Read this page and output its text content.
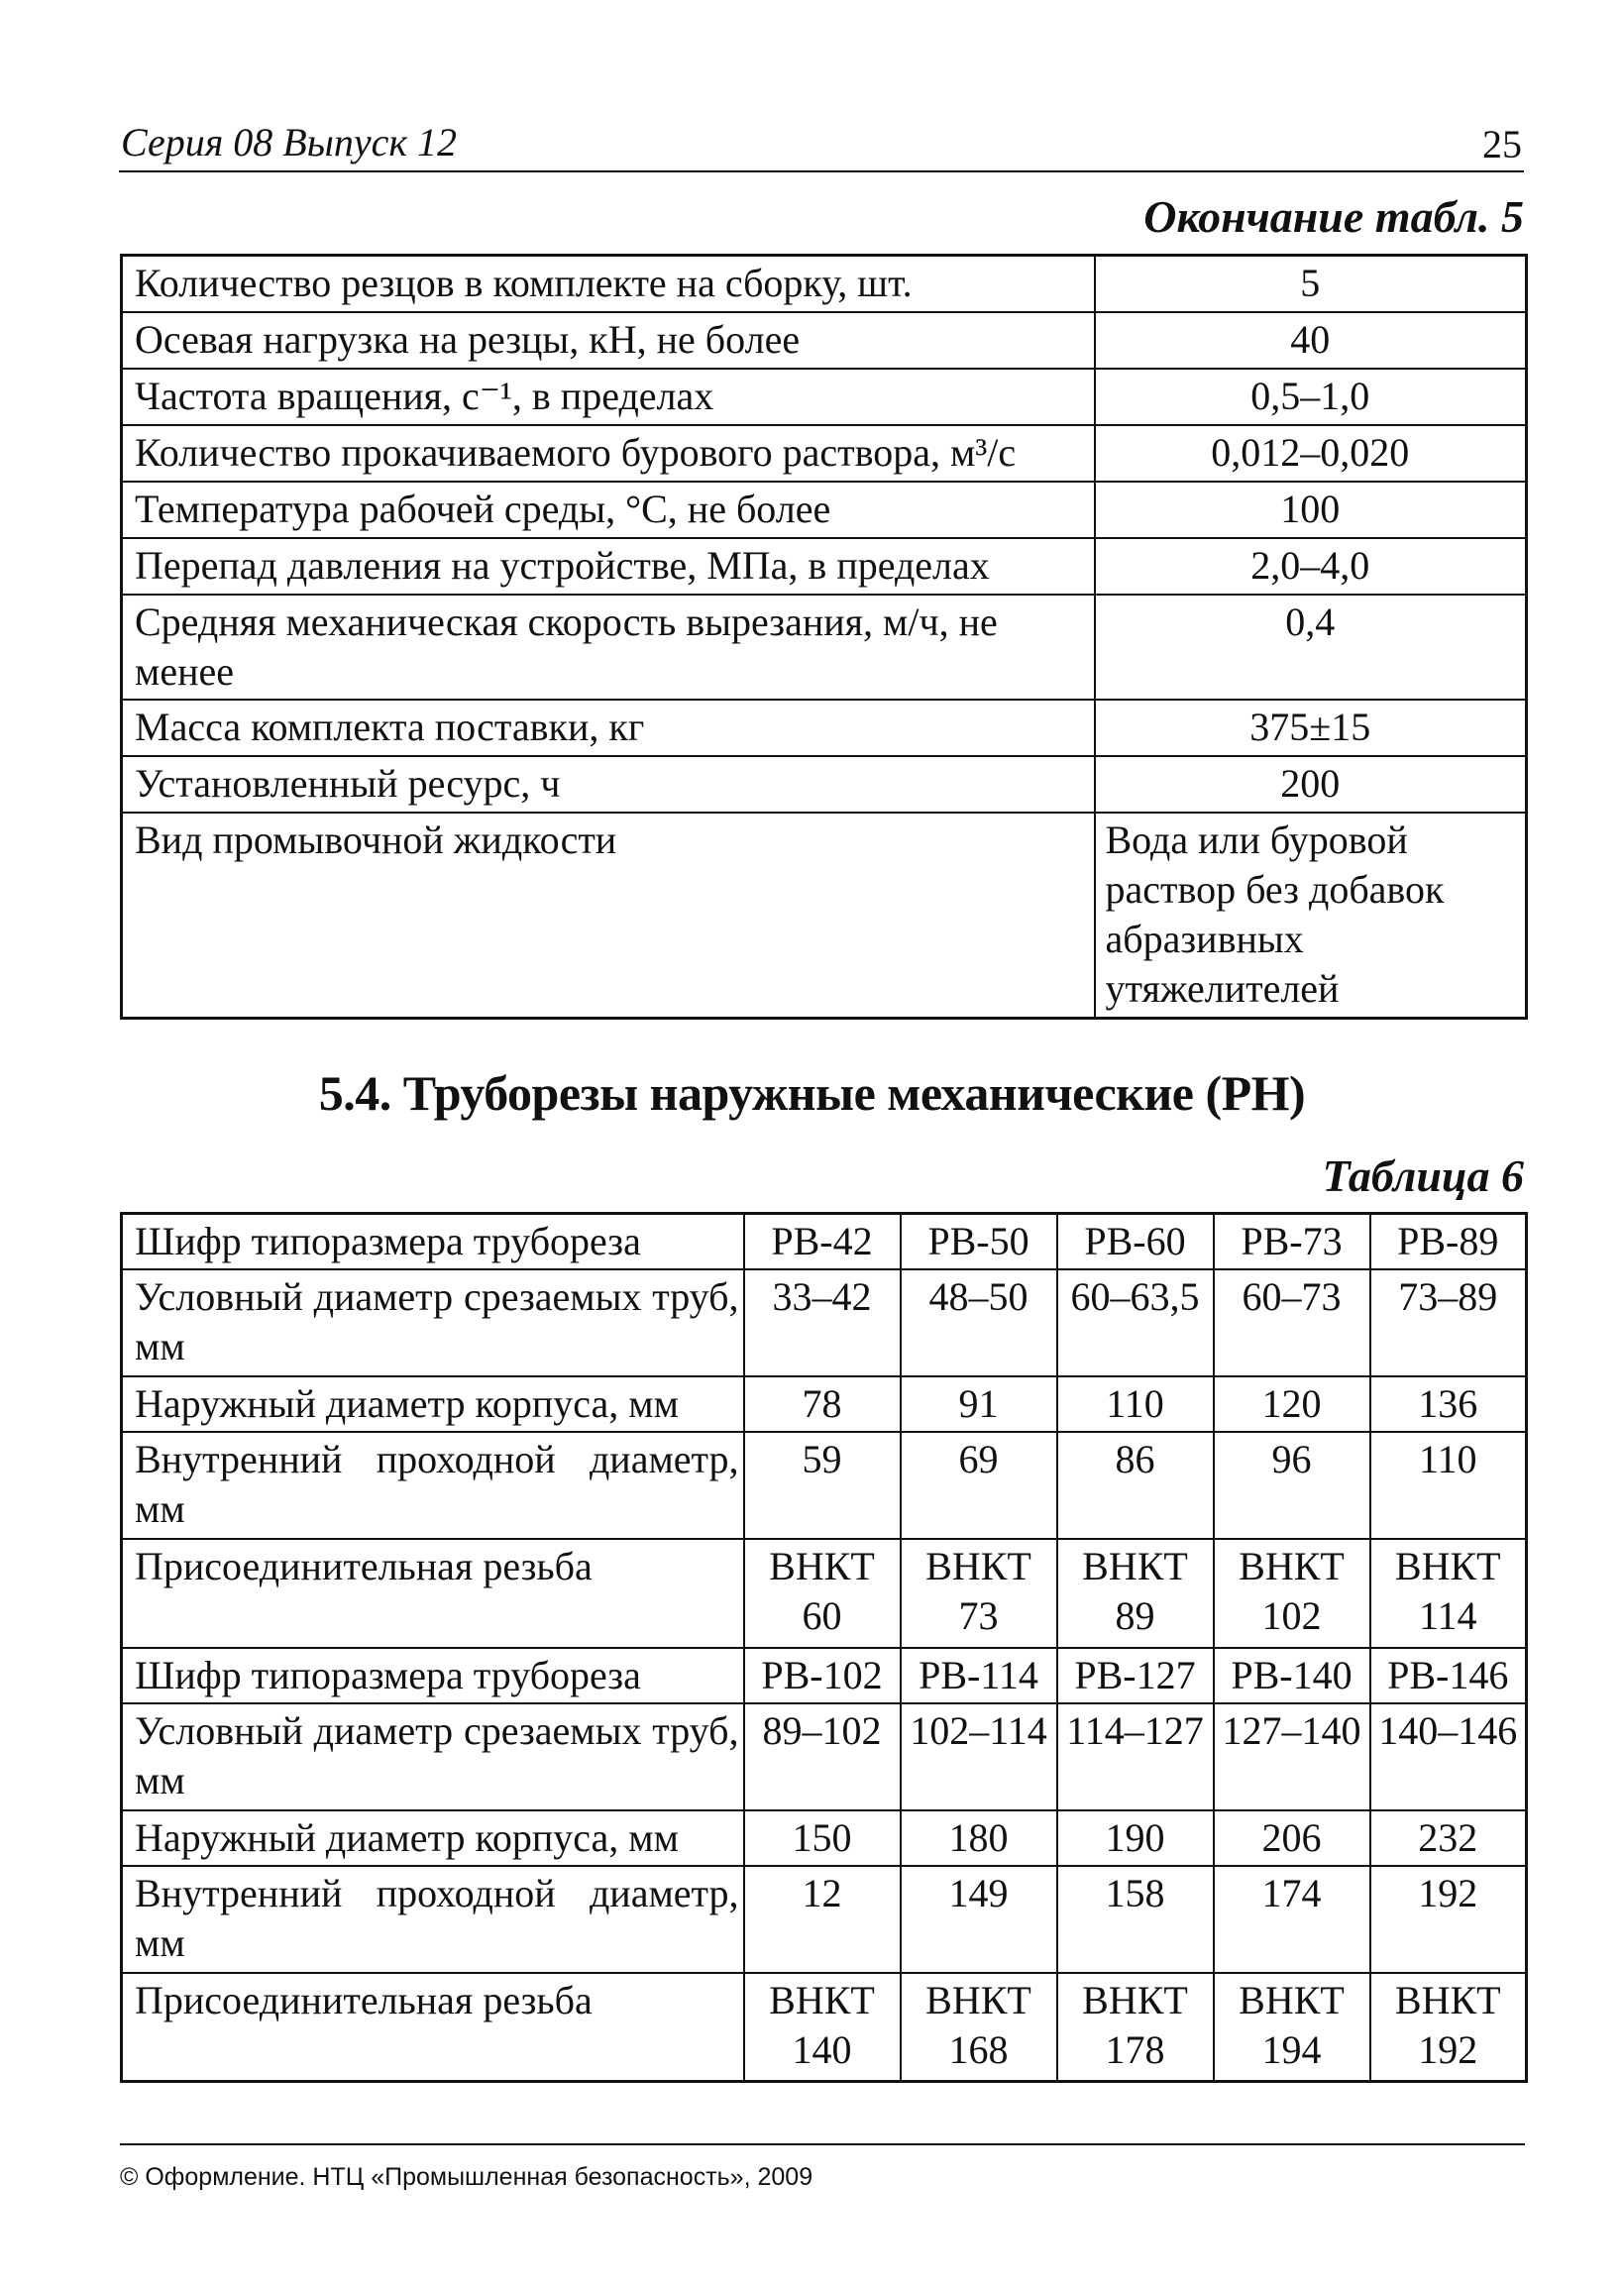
Серия 08 Выпуск 12	25
Окончание табл. 5
Количество резцов в комплекте на сборку, шт.	5
Осевая нагрузка на резцы, кН, не более	40
Частота вращения, с⁻¹, в пределах	0,5–1,0
Количество прокачиваемого бурового раствора, м³/с	0,012–0,020
Температура рабочей среды, °С, не более	100
Перепад давления на устройстве, МПа, в пределах	2,0–4,0
Средняя механическая скорость вырезания, м/ч, не менее	0,4
Масса комплекта поставки, кг	375±15
Установленный ресурс, ч	200
Вид промывочной жидкости	Вода или буровой раствор без добавок абразивных утяжелителей
5.4. Труборезы наружные механические (РН)
Таблица 6
Шифр типоразмера трубореза	РВ-42	РВ-50	РВ-60	РВ-73	РВ-89
Условный диаметр срезаемых труб, мм	33–42	48–50	60–63,5	60–73	73–89
Наружный диаметр корпуса, мм	78	91	110	120	136
Внутренний проходной диаметр, мм	59	69	86	96	110
Присоединительная резьба	ВНКТ 60	ВНКТ 73	ВНКТ 89	ВНКТ 102	ВНКТ 114
Шифр типоразмера трубореза	РВ-102	РВ-114	РВ-127	РВ-140	РВ-146
Условный диаметр срезаемых труб, мм	89–102	102–114	114–127	127–140	140–146
Наружный диаметр корпуса, мм	150	180	190	206	232
Внутренний проходной диаметр, мм	12	149	158	174	192
Присоединительная резьба	ВНКТ 140	ВНКТ 168	ВНКТ 178	ВНКТ 194	ВНКТ 192
© Оформление. НТЦ «Промышленная безопасность», 2009
